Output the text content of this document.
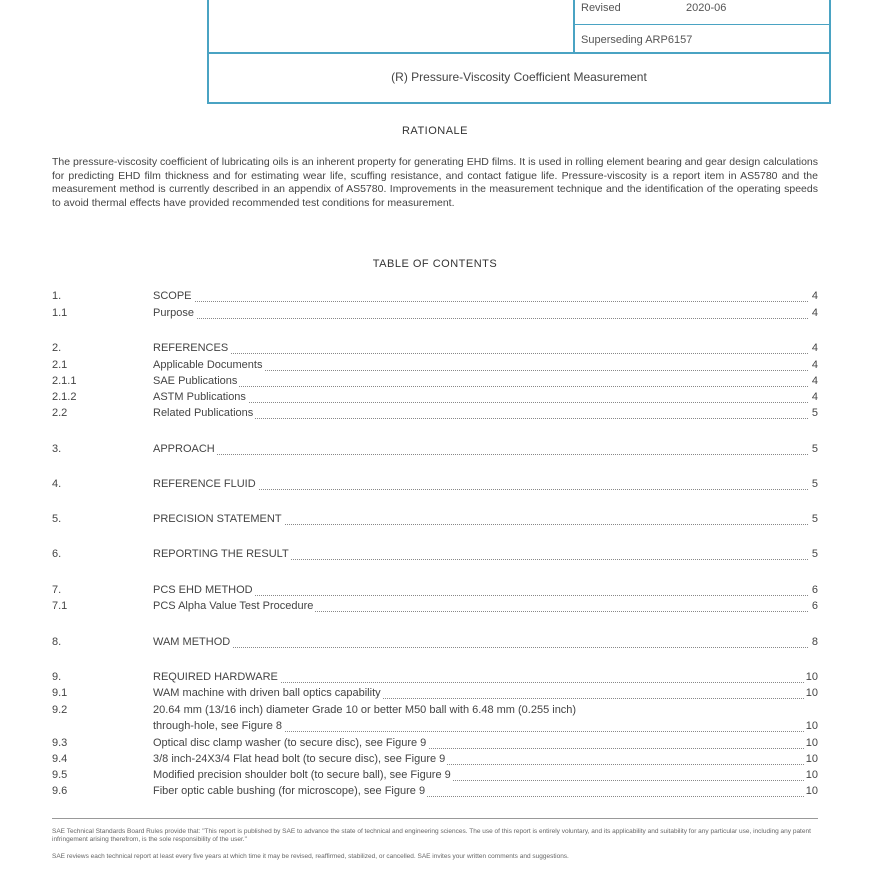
Revised	2020-06
Superseding ARP6157
(R) Pressure-Viscosity Coefficient Measurement
RATIONALE
The pressure-viscosity coefficient of lubricating oils is an inherent property for generating EHD films. It is used in rolling element bearing and gear design calculations for predicting EHD film thickness and for estimating wear life, scuffing resistance, and contact fatigue life. Pressure-viscosity is a report item in AS5780 and the measurement method is currently described in an appendix of AS5780. Improvements in the measurement technique and the identification of the operating speeds to avoid thermal effects have provided recommended test conditions for measurement.
TABLE OF CONTENTS
1.	SCOPE	4
1.1	Purpose	4
2.	REFERENCES	4
2.1	Applicable Documents	4
2.1.1	SAE Publications	4
2.1.2	ASTM Publications	4
2.2	Related Publications	5
3.	APPROACH	5
4.	REFERENCE FLUID	5
5.	PRECISION STATEMENT	5
6.	REPORTING THE RESULT	5
7.	PCS EHD METHOD	6
7.1	PCS Alpha Value Test Procedure	6
8.	WAM METHOD	8
9.	REQUIRED HARDWARE	10
9.1	WAM machine with driven ball optics capability	10
9.2	20.64 mm (13/16 inch) diameter Grade 10 or better M50 ball with 6.48 mm (0.255 inch)
through-hole, see Figure 8	10
9.3	Optical disc clamp washer (to secure disc), see Figure 9	10
9.4	3/8 inch-24X3/4 Flat head bolt (to secure disc), see Figure 9	10
9.5	Modified precision shoulder bolt (to secure ball), see Figure 9	10
9.6	Fiber optic cable bushing (for microscope), see Figure 9	10
SAE Technical Standards Board Rules provide that: "This report is published by SAE to advance the state of technical and engineering sciences. The use of this report is entirely voluntary, and its applicability and suitability for any particular use, including any patent infringement arising therefrom, is the sole responsibility of the user."
SAE reviews each technical report at least every five years at which time it may be revised, reaffirmed, stabilized, or cancelled. SAE invites your written comments and suggestions.
